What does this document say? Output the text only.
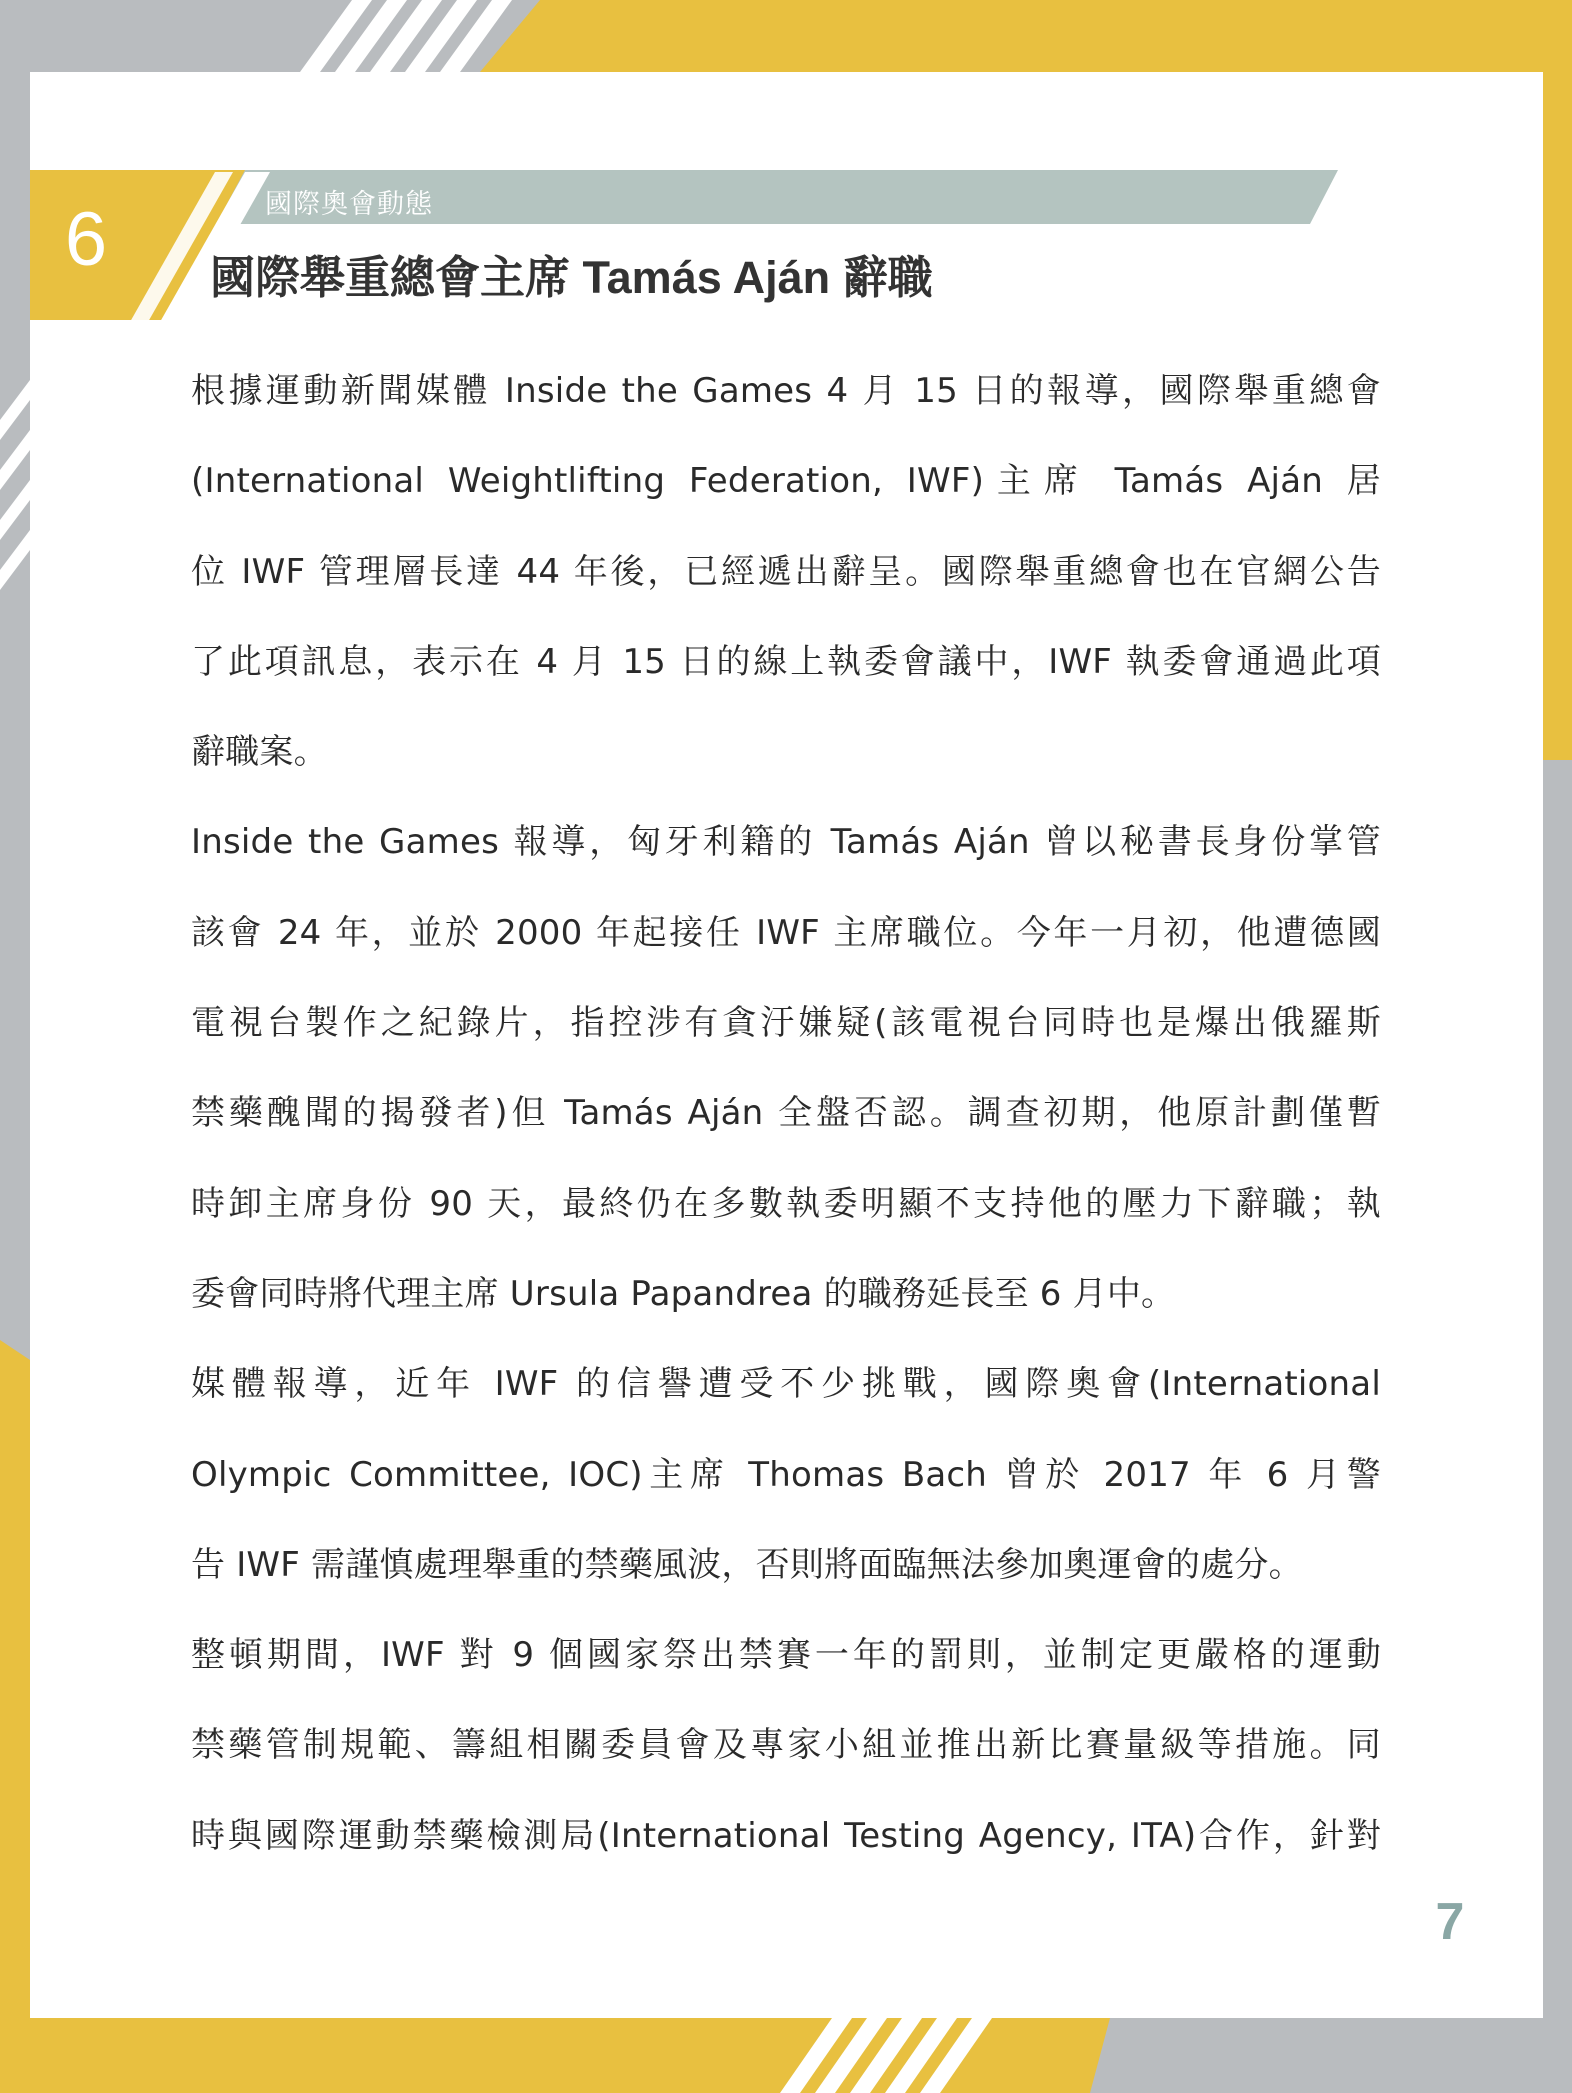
6	國際奧會動態
國際舉重總會主席 Tamás Aján 辭職
根據運動新聞媒體 Inside the Games 4 月 15 日的報導，國際舉重總會
(International Weightlifting Federation, IWF)主席 Tamás Aján 居
位 IWF 管理層長達 44 年後，已經遞出辭呈。國際舉重總會也在官網公告
了此項訊息，表示在 4 月 15 日的線上執委會議中，IWF 執委會通過此項
辭職案。
Inside the Games 報導，匈牙利籍的 Tamás Aján 曾以秘書長身份掌管
該會 24 年，並於 2000 年起接任 IWF 主席職位。今年一月初，他遭德國
電視台製作之紀錄片，指控涉有貪汙嫌疑(該電視台同時也是爆出俄羅斯
禁藥醜聞的揭發者)但 Tamás Aján 全盤否認。調查初期，他原計劃僅暫
時卸主席身份 90 天，最終仍在多數執委明顯不支持他的壓力下辭職；執
委會同時將代理主席 Ursula Papandrea 的職務延長至 6 月中。
媒體報導，近年 IWF 的信譽遭受不少挑戰，國際奧會(International
Olympic Committee, IOC)主席 Thomas Bach 曾於 2017 年 6 月警
告 IWF 需謹慎處理舉重的禁藥風波，否則將面臨無法參加奧運會的處分。
整頓期間，IWF 對 9 個國家祭出禁賽一年的罰則，並制定更嚴格的運動
禁藥管制規範、籌組相關委員會及專家小組並推出新比賽量級等措施。同
時與國際運動禁藥檢測局(International Testing Agency, ITA)合作，針對
7
